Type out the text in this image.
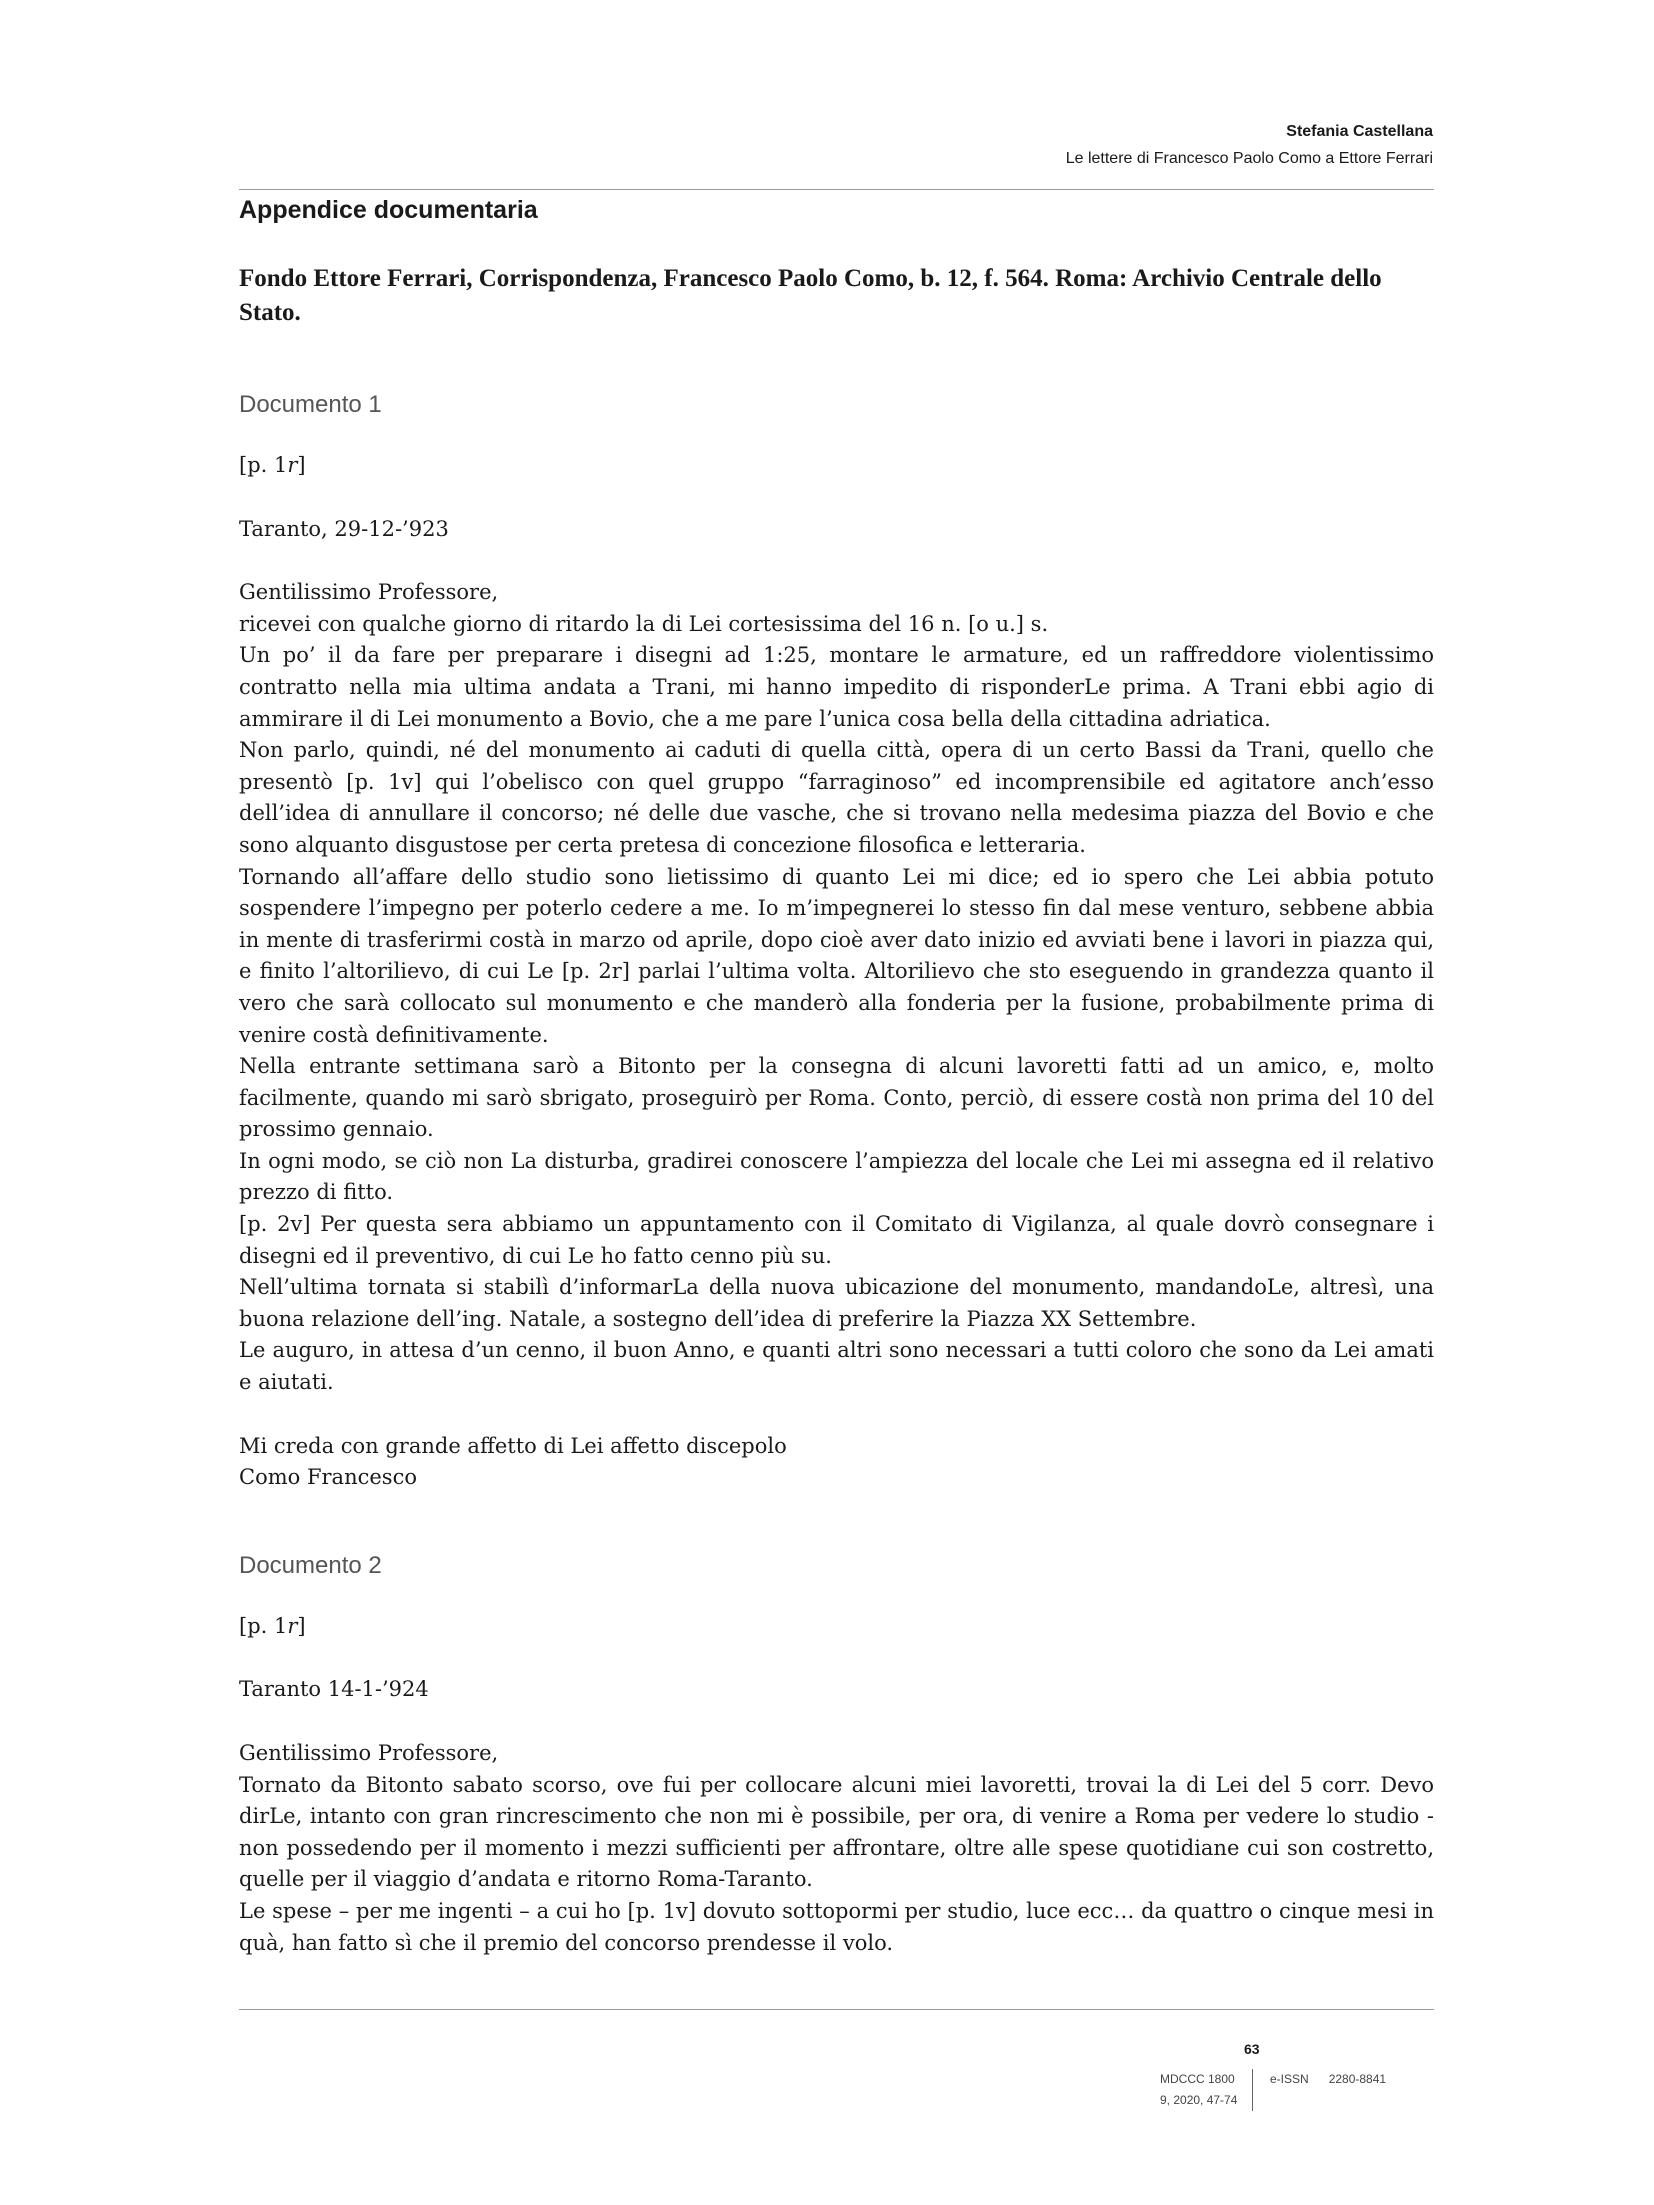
Stefania Castellana
Le lettere di Francesco Paolo Como a Ettore Ferrari
Appendice documentaria
Fondo Ettore Ferrari, Corrispondenza, Francesco Paolo Como, b. 12, f. 564. Roma: Archivio Centrale dello Stato.

Documento 1

[p. 1r]

Taranto, 29-12-’923

Gentilissimo Professore,

ricevei con qualche giorno di ritardo la di Lei cortesissima del 16 n. [o u.] s.

Un po’ il da fare per preparare i disegni ad 1:25, montare le armature, ed un raffreddore violentissimo contratto nella mia ultima andata a Trani, mi hanno impedito di risponderLe prima. A Trani ebbi agio di ammirare il di Lei monumento a Bovio, che a me pare l’unica cosa bella della cittadina adriatica.

Non parlo, quindi, né del monumento ai caduti di quella città, opera di un certo Bassi da Trani, quello che presentò [p. 1v] qui l’obelisco con quel gruppo “farraginoso” ed incomprensibile ed agitatore anch’esso dell’idea di annullare il concorso; né delle due vasche, che si trovano nella medesima piazza del Bovio e che sono alquanto disgustose per certa pretesa di concezione filosofica e letteraria.

Tornando all’affare dello studio sono lietissimo di quanto Lei mi dice; ed io spero che Lei abbia potuto sospendere l’impegno per poterlo cedere a me. Io m’impegnerei lo stesso fin dal mese venturo, sebbene abbia in mente di trasferirmi costà in marzo od aprile, dopo cioè aver dato inizio ed avviati bene i lavori in piazza qui, e finito l’altorilievo, di cui Le [p. 2r] parlai l’ultima volta. Altorilievo che sto eseguendo in grandezza quanto il vero che sarà collocato sul monumento e che manderò alla fonderia per la fusione, probabilmente prima di venire costà definitivamente.

Nella entrante settimana sarò a Bitonto per la consegna di alcuni lavoretti fatti ad un amico, e, molto facilmente, quando mi sarò sbrigato, proseguirò per Roma. Conto, perciò, di essere costà non prima del 10 del prossimo gennaio.

In ogni modo, se ciò non La disturba, gradirei conoscere l’ampiezza del locale che Lei mi assegna ed il relativo prezzo di fitto.

[p. 2v] Per questa sera abbiamo un appuntamento con il Comitato di Vigilanza, al quale dovrò consegnare i disegni ed il preventivo, di cui Le ho fatto cenno più su.

Nell’ultima tornata si stabilì d’informarLa della nuova ubicazione del monumento, mandandoLe, altresì, una buona relazione dell’ing. Natale, a sostegno dell’idea di preferire la Piazza XX Settembre.

Le auguro, in attesa d’un cenno, il buon Anno, e quanti altri sono necessari a tutti coloro che sono da Lei amati e aiutati.

Mi creda con grande affetto di Lei affetto discepolo

Como Francesco

Documento 2

[p. 1r]

Taranto 14-1-’924

Gentilissimo Professore,

Tornato da Bitonto sabato scorso, ove fui per collocare alcuni miei lavoretti, trovai la di Lei del 5 corr. Devo dirLe, intanto con gran rincrescimento che non mi è possibile, per ora, di venire a Roma per vedere lo studio - non possedendo per il momento i mezzi sufficienti per affrontare, oltre alle spese quotidiane cui son costretto, quelle per il viaggio d’andata e ritorno Roma-Taranto.

Le spese – per me ingenti – a cui ho [p. 1v] dovuto sottopormi per studio, luce ecc… da quattro o cinque mesi in quà, han fatto sì che il premio del concorso prendesse il volo.

63
MDCCC 1800
9, 2020, 47-74
e-ISSN 2280-8841
